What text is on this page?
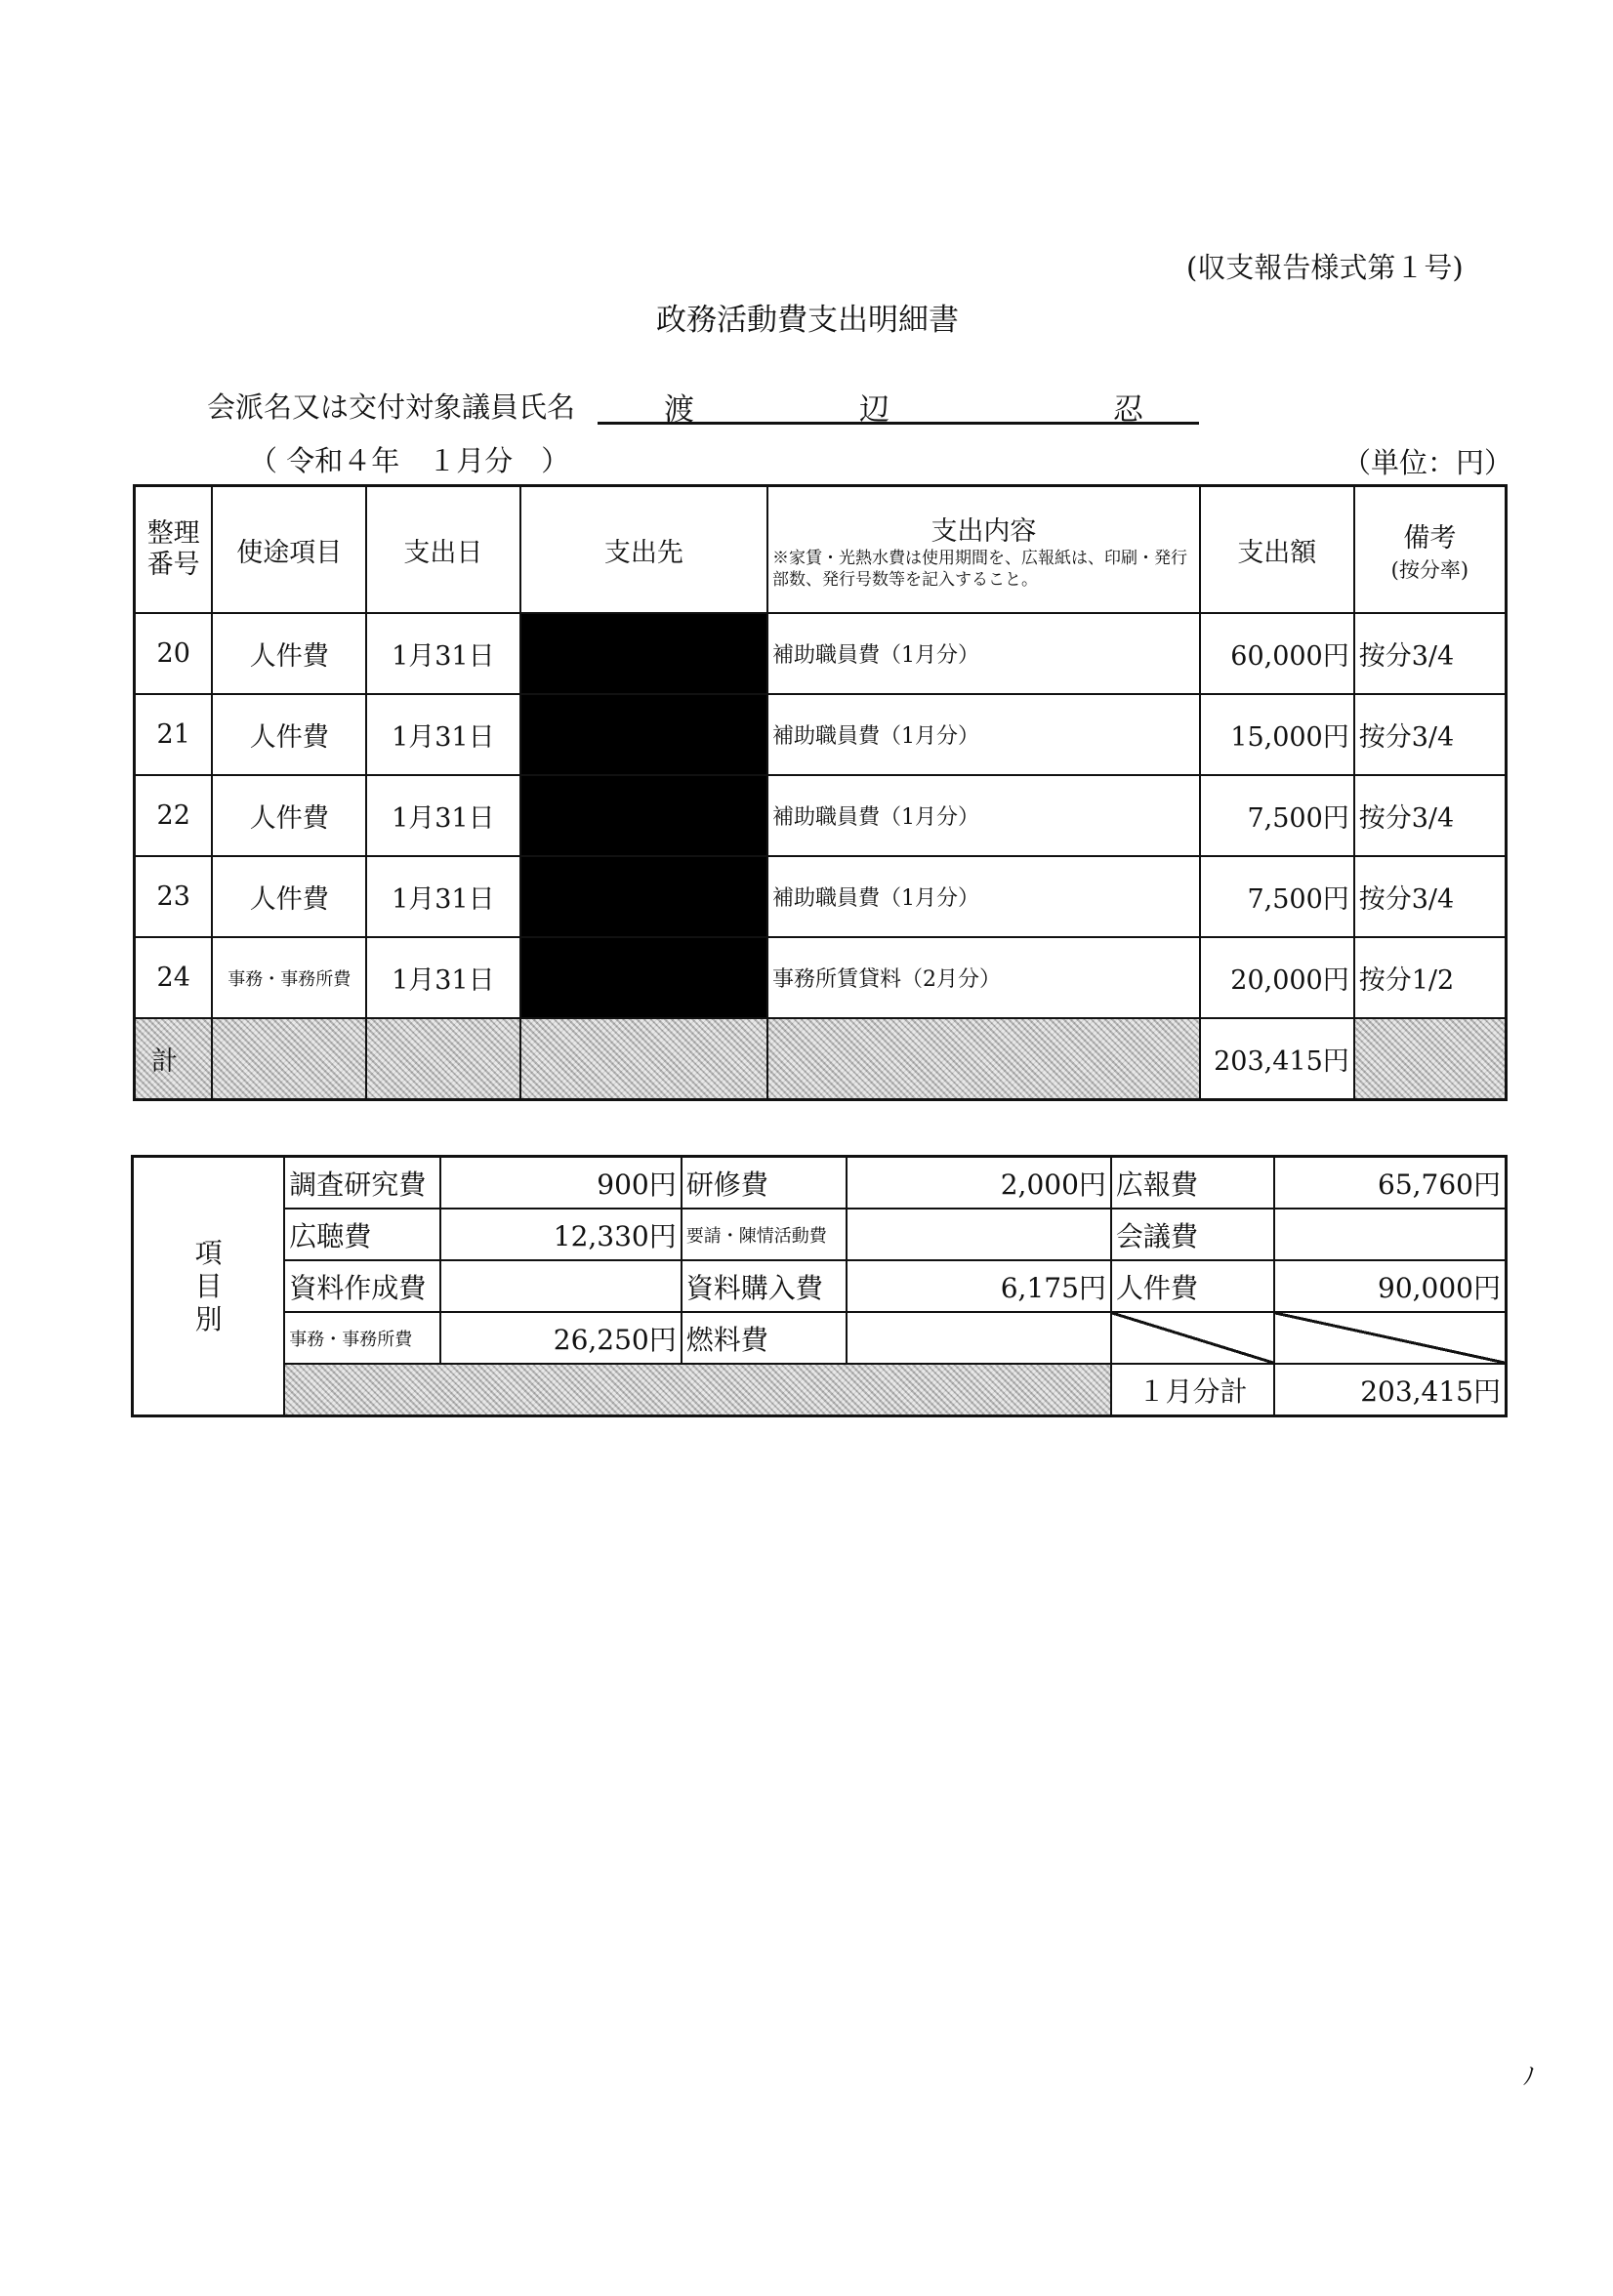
(収支報告様式第１号)
政務活動費支出明細書
会派名又は交付対象議員氏名	渡	辺	忍
（ 令和４年　１月分　）	（単位：円）
整理番号	使途項目	支出日	支出先	支出内容
※家賃・光熱水費は使用期間を、広報紙は、印刷・発行部数、発行号数等を記入すること。	支出額	備考
(按分率)

20	人件費	1月31日		補助職員費（1月分）	60,000円	按分3/4
21	人件費	1月31日		補助職員費（1月分）	15,000円	按分3/4
22	人件費	1月31日		補助職員費（1月分）	7,500円	按分3/4
23	人件費	1月31日		補助職員費（1月分）	7,500円	按分3/4
24	事務・事務所費	1月31日		事務所賃貸料（2月分）	20,000円	按分1/2
計					203,415円	
項
目
別	調査研究費	900円	研修費	2,000円	広報費	65,760円
	広聴費	12,330円	要請・陳情活動費		会議費	
	資料作成費		資料購入費	6,175円	人件費	90,000円
	事務・事務所費	26,250円	燃料費			
					１月分計	203,415円
ﾉ
